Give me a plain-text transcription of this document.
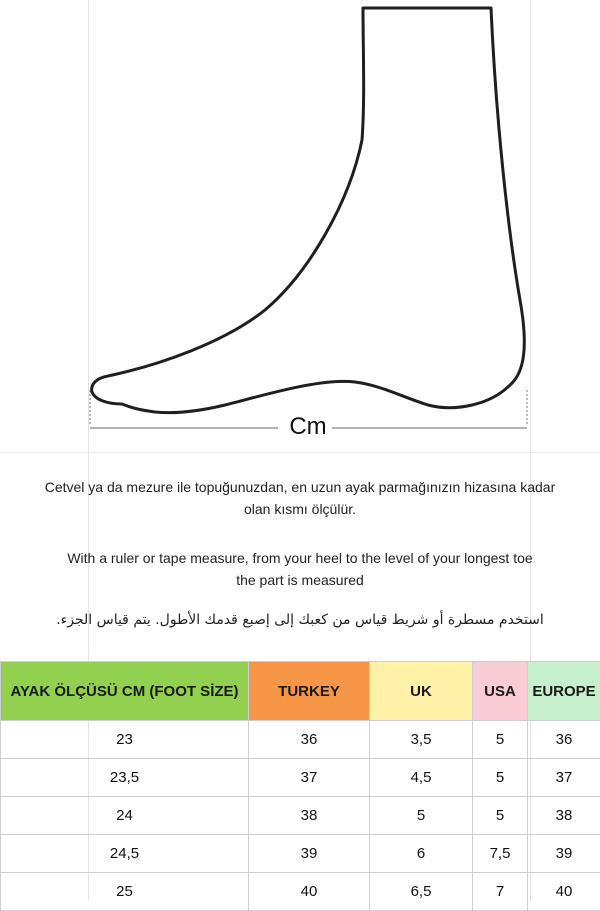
Cm
Cetvel ya da mezure ile topuğunuzdan, en uzun ayak parmağınızın hizasına kadar
olan kısmı ölçülür.
With a ruler or tape measure, from your heel to the level of your longest toe
the part is measured
استخدم مسطرة أو شريط قياس من كعبك إلى إصبع قدمك الأطول. يتم قياس الجزء.
AYAK ÖLÇÜSÜ CM (FOOT SİZE)	TURKEY	UK	USA	EUROPE
23	36	3,5	5	36
23,5	37	4,5	5	37
24	38	5	5	38
24,5	39	6	7,5	39
25	40	6,5	7	40
